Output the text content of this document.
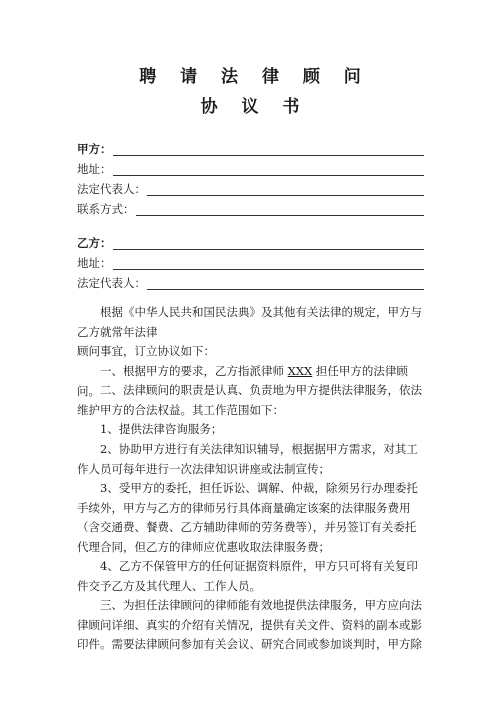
聘 请 法 律 顾 问
协 议 书
甲方：
地址：
法定代表人：
联系方式：
乙方：
地址：
法定代表人：

根据《中华人民共和国民法典》及其他有关法律的规定，甲方与

乙方就常年法律

顾问事宜，订立协议如下：

一、根据甲方的要求，乙方指派律师 XXX 担任甲方的法律顾问。 二、法律顾问的职责是认真、负责地为甲方提供法律服务，依法维护甲方的合法权益。其工作范围如下：

1、提供法律咨询服务；

2、协助甲方进行有关法律知识辅导，根据据甲方需求，对其工作人员可每年进行一次法律知识讲座或法制宣传；

3、受甲方的委托，担任诉讼、调解、仲裁，除须另行办理委托手续外，甲方与乙方的律师另行具体商量确定该案的法律服务费用（含交通费、餐费、乙方辅助律师的劳务费等），并另签订有关委托代理合同，但乙方的律师应优惠收取法律服务费；

4、乙方不保管甲方的任何证据资料原件，甲方只可将有关复印件交予乙方及其代理人、工作人员。

三、为担任法律顾问的律师能有效地提供法律服务，甲方应向法律顾问详细、真实的介绍有关情况，提供有关文件、资料的副本或影印件。需要法律顾问参加有关会议、研究合同或参加谈判时，甲方除
